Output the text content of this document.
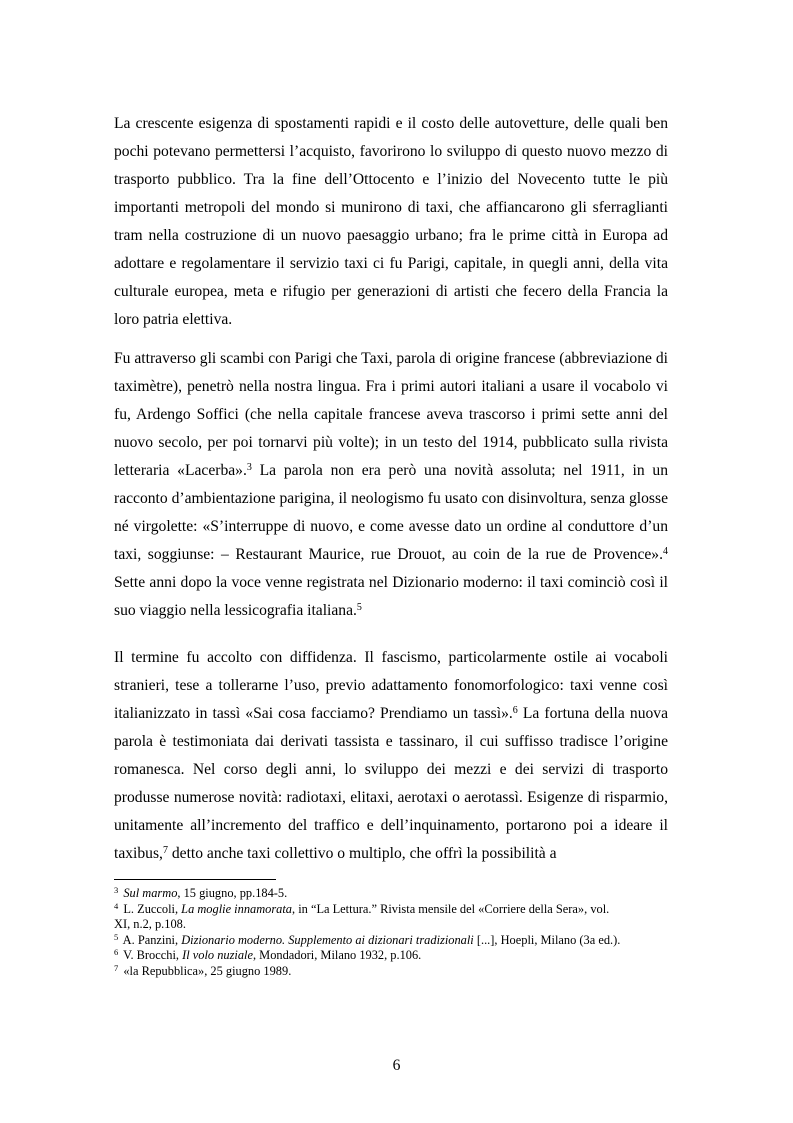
La crescente esigenza di spostamenti rapidi e il costo delle autovetture, delle quali ben pochi potevano permettersi l’acquisto, favorirono lo sviluppo di questo nuovo mezzo di trasporto pubblico. Tra la fine dell’Ottocento e l’inizio del Novecento tutte le più importanti metropoli del mondo si munirono di taxi, che affiancarono gli sferraglianti tram nella costruzione di un nuovo paesaggio urbano; fra le prime città in Europa ad adottare e regolamentare il servizio taxi ci fu Parigi, capitale, in quegli anni, della vita culturale europea, meta e rifugio per generazioni di artisti che fecero della Francia la loro patria elettiva.

Fu attraverso gli scambi con Parigi che Taxi, parola di origine francese (abbreviazione di taximètre), penetrò nella nostra lingua. Fra i primi autori italiani a usare il vocabolo vi fu, Ardengo Soffici (che nella capitale francese aveva trascorso i primi sette anni del nuovo secolo, per poi tornarvi più volte); in un testo del 1914, pubblicato sulla rivista letteraria «Lacerba».$^3$ La parola non era però una novità assoluta; nel 1911, in un racconto d’ambientazione parigina, il neologismo fu usato con disinvoltura, senza glosse né virgolette: «S’interruppe di nuovo, e come avesse dato un ordine al conduttore d’un taxi, soggiunse: – Restaurant Maurice, rue Drouot, au coin de la rue de Provence».$^4$ Sette anni dopo la voce venne registrata nel Dizionario moderno: il taxi cominciò così il suo viaggio nella lessicografia italiana.$^5$

Il termine fu accolto con diffidenza. Il fascismo, particolarmente ostile ai vocaboli stranieri, tese a tollerarne l’uso, previo adattamento fonomorfologico: taxi venne così italianizzato in tassì «Sai cosa facciamo? Prendiamo un tassì».$^6$ La fortuna della nuova parola è testimoniata dai derivati tassista e tassinaro, il cui suffisso tradisce l’origine romanesca. Nel corso degli anni, lo sviluppo dei mezzi e dei servizi di trasporto produsse numerose novità: radiotaxi, elitaxi, aerotaxi o aerotassì. Esigenze di risparmio, unitamente all’incremento del traffico e dell’inquinamento, portarono poi a ideare il taxibus,$^7$ detto anche taxi collettivo o multiplo, che offrì la possibilità a

$^3$ Sul marmo, 15 giugno, pp.184-5.

$^4$ L. Zuccoli, La moglie innamorata, in “La Lettura.” Rivista mensile del «Corriere della Sera», vol.
XI, n.2, p.108.

$^5$ A. Panzini, Dizionario moderno. Supplemento ai dizionari tradizionali [...], Hoepli, Milano (3a ed.).

$^6$ V. Brocchi, Il volo nuziale, Mondadori, Milano 1932, p.106.

$^7$ «la Repubblica», 25 giugno 1989.

6
